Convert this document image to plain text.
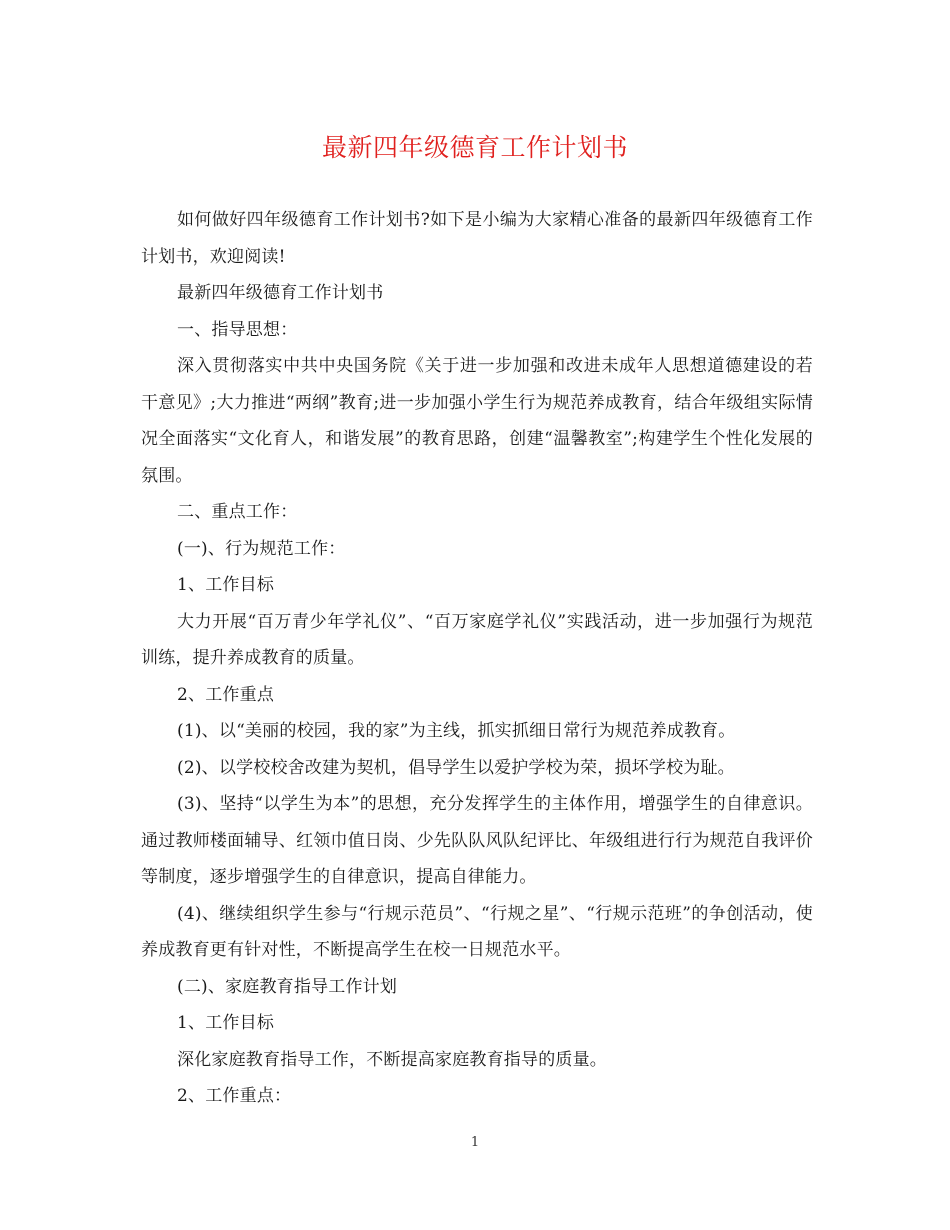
最新四年级德育工作计划书

如何做好四年级德育工作计划书?如下是小编为大家精心准备的最新四年级德育工作计划书，欢迎阅读!

最新四年级德育工作计划书

一、指导思想：

深入贯彻落实中共中央国务院《关于进一步加强和改进未成年人思想道德建设的若干意见》;大力推进“两纲”教育;进一步加强小学生行为规范养成教育，结合年级组实际情况全面落实“文化育人，和谐发展”的教育思路，创建“温馨教室”;构建学生个性化发展的氛围。

二、重点工作：

(一)、行为规范工作：

1、工作目标

大力开展“百万青少年学礼仪”、“百万家庭学礼仪”实践活动，进一步加强行为规范训练，提升养成教育的质量。

2、工作重点

(1)、以“美丽的校园，我的家”为主线，抓实抓细日常行为规范养成教育。

(2)、以学校校舍改建为契机，倡导学生以爱护学校为荣，损坏学校为耻。

(3)、坚持“以学生为本”的思想，充分发挥学生的主体作用，增强学生的自律意识。通过教师楼面辅导、红领巾值日岗、少先队队风队纪评比、年级组进行行为规范自我评价等制度，逐步增强学生的自律意识，提高自律能力。

(4)、继续组织学生参与“行规示范员”、“行规之星”、“行规示范班”的争创活动，使养成教育更有针对性，不断提高学生在校一日规范水平。

(二)、家庭教育指导工作计划

1、工作目标

深化家庭教育指导工作，不断提高家庭教育指导的质量。

2、工作重点：

1
